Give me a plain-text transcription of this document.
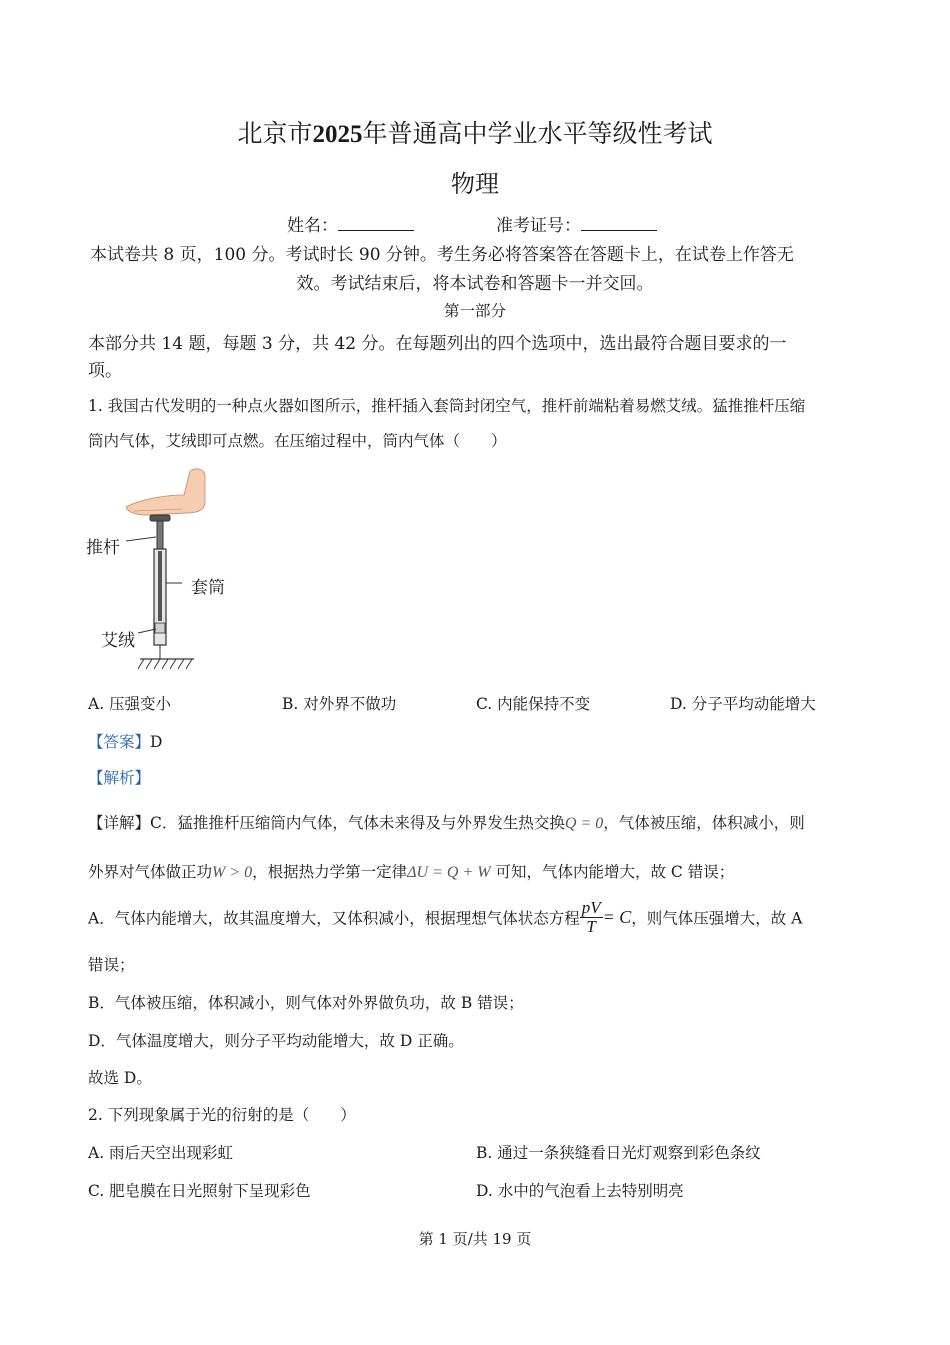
北京市2025年普通高中学业水平等级性考试
物理
姓名：	准考证号：
本试卷共 8 页，100 分。考试时长 90 分钟。考生务必将答案答在答题卡上，在试卷上作答无
效。考试结束后，将本试卷和答题卡一并交回。
第一部分
本部分共 14 题，每题 3 分，共 42 分。在每题列出的四个选项中，选出最符合题目要求的一
项。
1. 我国古代发明的一种点火器如图所示，推杆插入套筒封闭空气，推杆前端粘着易燃艾绒。猛推推杆压缩
筒内气体，艾绒即可点燃。在压缩过程中，筒内气体（　　）
推杆
套筒
艾绒
A. 压强变小	B. 对外界不做功	C. 内能保持不变	D. 分子平均动能增大
【答案】D
【解析】
【详解】C．猛推推杆压缩筒内气体，气体未来得及与外界发生热交换Q = 0，气体被压缩，体积减小，则
外界对气体做正功W > 0，根据热力学第一定律ΔU = Q + W 可知，气体内能增大，故 C 错误；
A．气体内能增大，故其温度增大，又体积减小，根据理想气体状态方程 $\frac{pV}{T} = C$，则气体压强增大，故 A
错误；
B．气体被压缩，体积减小，则气体对外界做负功，故 B 错误；
D．气体温度增大，则分子平均动能增大，故 D 正确。
故选 D。
2. 下列现象属于光的衍射的是（　　）
A. 雨后天空出现彩虹	B. 通过一条狭缝看日光灯观察到彩色条纹
C. 肥皂膜在日光照射下呈现彩色	D. 水中的气泡看上去特别明亮
第 1 页/共 19 页
